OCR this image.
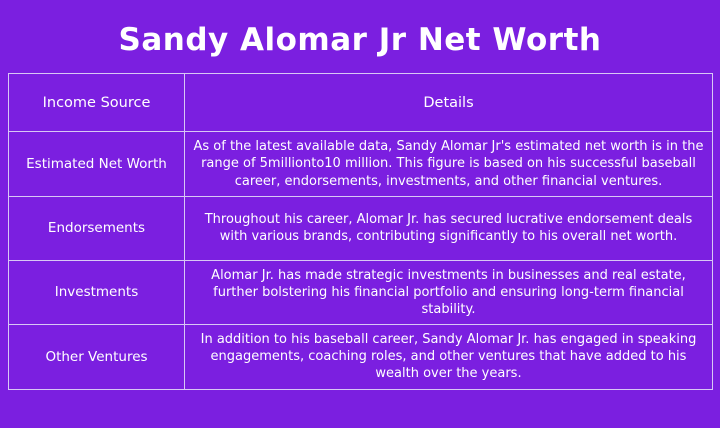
Sandy Alomar Jr Net Worth
Income Source	Details
Estimated Net Worth	As of the latest available data, Sandy Alomar Jr's estimated net worth is in the range of 5millionto10 million. This figure is based on his successful baseball career, endorsements, investments, and other financial ventures.
Endorsements	Throughout his career, Alomar Jr. has secured lucrative endorsement deals with various brands, contributing significantly to his overall net worth.
Investments	Alomar Jr. has made strategic investments in businesses and real estate, further bolstering his financial portfolio and ensuring long-term financial stability.
Other Ventures	In addition to his baseball career, Sandy Alomar Jr. has engaged in speaking engagements, coaching roles, and other ventures that have added to his wealth over the years.
